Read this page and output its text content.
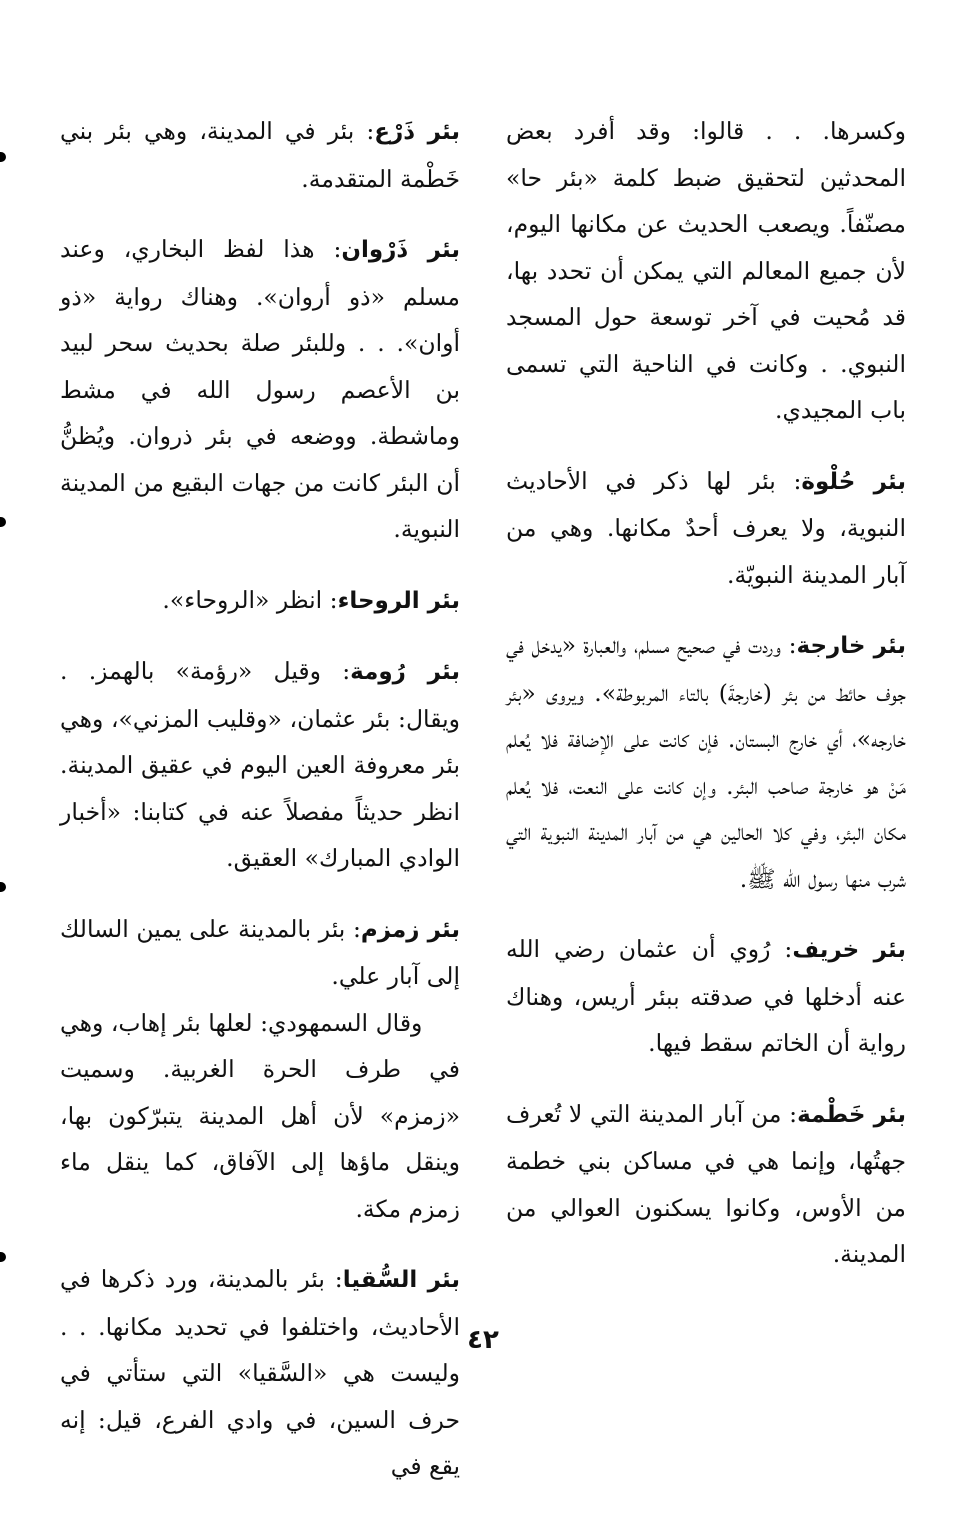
وكسرها. . . قالوا: وقد أفرد بعض المحدثين لتحقيق ضبط كلمة «بئر حا» مصنّفاً. ويصعب الحديث عن مكانها اليوم، لأن جميع المعالم التي يمكن أن تحدد بها، قد مُحيت في آخر توسعة حول المسجد النبوي. . وكانت في الناحية التي تسمى باب المجيدي.

بئر حُلْوة: بئر لها ذكر في الأحاديث النبوية، ولا يعرف أحدٌ مكانها. وهي من آبار المدينة النبويّة.

بئر خارجة: وردت في صحيح مسلم، والعبارة «يدخل في جوف حائط من بئر (خارجةَ) بالتاء المربوطة». ويروى «بئر خارجه»، أي خارج البستان. فإن كانت على الإضافة فلا يُعلم مَنْ هو خارجة صاحب البئر. وإن كانت على النعت، فلا يُعلم مكان البئر، وفي كلا الحالين هي من آبار المدينة النبوية التي شرب منها رسول الله ﷺ.

بئر خريف: رُوي أن عثمان رضي الله عنه أدخلها في صدقته ببئر أريس، وهناك رواية أن الخاتم سقط فيها.

بئر خَطْمة: من آبار المدينة التي لا تُعرف جهتُها، وإنما هي في مساكن بني خطمة من الأوس، وكانوا يسكنون العوالي من المدينة.

بئر ذَرْع: بئر في المدينة، وهي بئر بني خَطْمة المتقدمة.

بئر ذَرْوان: هذا لفظ البخاري، وعند مسلم «ذو أروان». وهناك رواية «ذو أوان». . . وللبئر صلة بحديث سحر لبيد بن الأعصم رسول الله في مشط وماشطة. ووضعه في بئر ذروان. ويُظنُّ أن البئر كانت من جهات البقيع من المدينة النبوية.

بئر الروحاء: انظر «الروحاء».

بئر رُومة: وقيل «رؤمة» بالهمز. . ويقال: بئر عثمان، «وقليب المزني»، وهي بئر معروفة العين اليوم في عقيق المدينة. انظر حديثاً مفصلاً عنه في كتابنا: «أخبار الوادي المبارك» العقيق.

بئر زمزم: بئر بالمدينة على يمين السالك إلى آبار علي.

وقال السمهودي: لعلها بئر إهاب، وهي في طرف الحرة الغربية. وسميت «زمزم» لأن أهل المدينة يتبرّكون بها، وينقل ماؤها إلى الآفاق، كما ينقل ماء زمزم مكة.

بئر السُّقيا: بئر بالمدينة، ورد ذكرها في الأحاديث، واختلفوا في تحديد مكانها. . . وليست هي «السَّقيا» التي ستأتي في حرف السين، في وادي الفرع، قيل: إنه يقع في

٤٢
